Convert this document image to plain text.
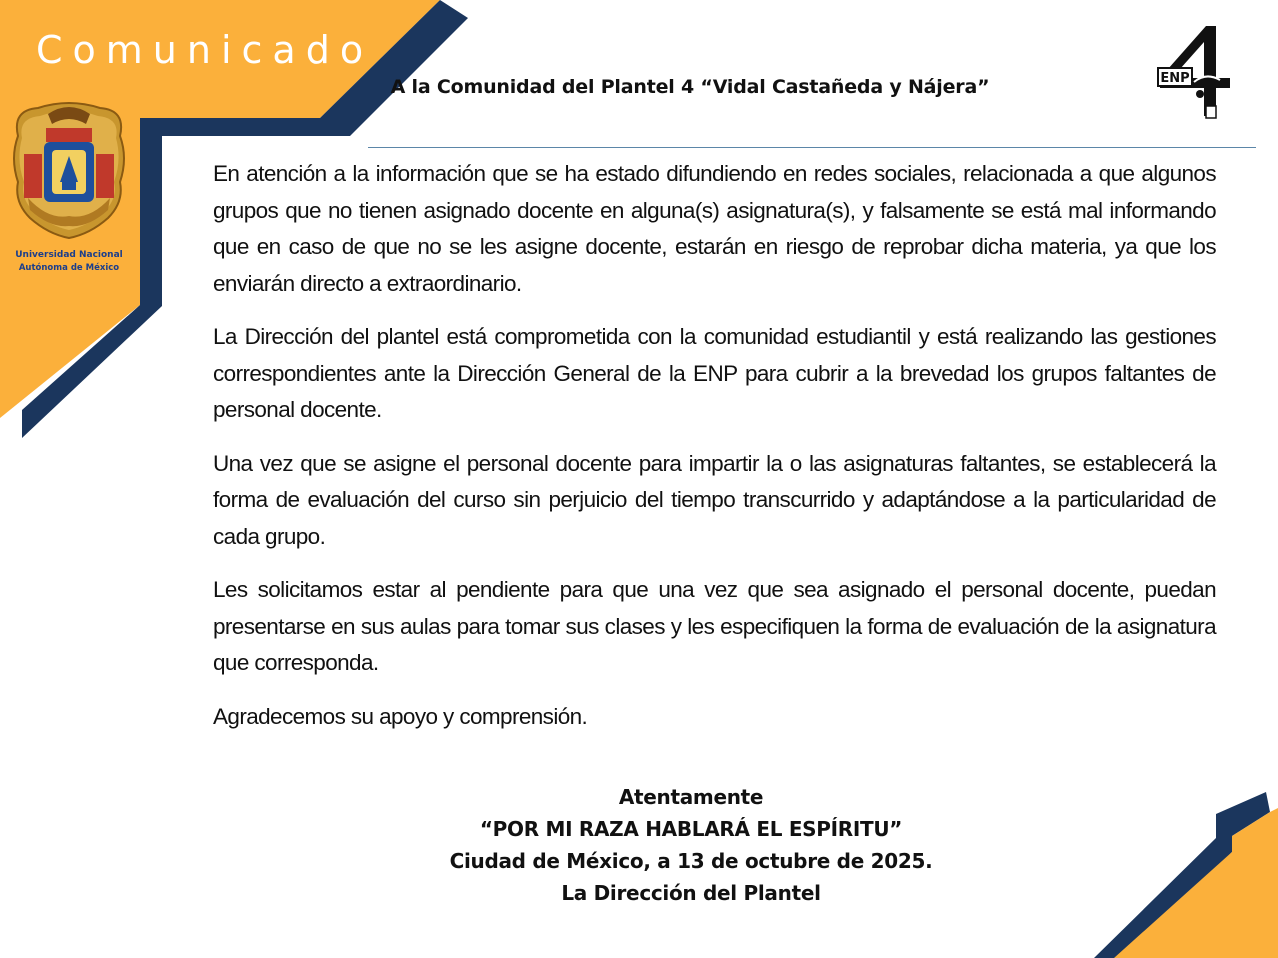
Comunicado
Universidad Nacional
Autónoma de México

A la Comunidad del Plantel 4 “Vidal Castañeda y Nájera”	ENP

En atención a la información que se ha estado difundiendo en redes sociales, relacionada a que algunos grupos que no tienen asignado docente en alguna(s) asignatura(s), y falsamente se está mal informando que en caso de que no se les asigne docente, estarán en riesgo de reprobar dicha materia, ya que los enviarán directo a extraordinario.

La Dirección del plantel está comprometida con la comunidad estudiantil y está realizando las gestiones correspondientes ante la Dirección General de la ENP para cubrir a la brevedad los grupos faltantes de personal docente.

Una vez que se asigne el personal docente para impartir la o las asignaturas faltantes, se establecerá la forma de evaluación del curso sin perjuicio del tiempo transcurrido y adaptándose a la particularidad de cada grupo.

Les solicitamos estar al pendiente para que una vez que sea asignado el personal docente, puedan presentarse en sus aulas para tomar sus clases y les especifiquen la forma de evaluación de la asignatura que corresponda.

Agradecemos su apoyo y comprensión.

Atentamente
“POR MI RAZA HABLARÁ EL ESPÍRITU”
Ciudad de México, a 13 de octubre de 2025.
La Dirección del Plantel
